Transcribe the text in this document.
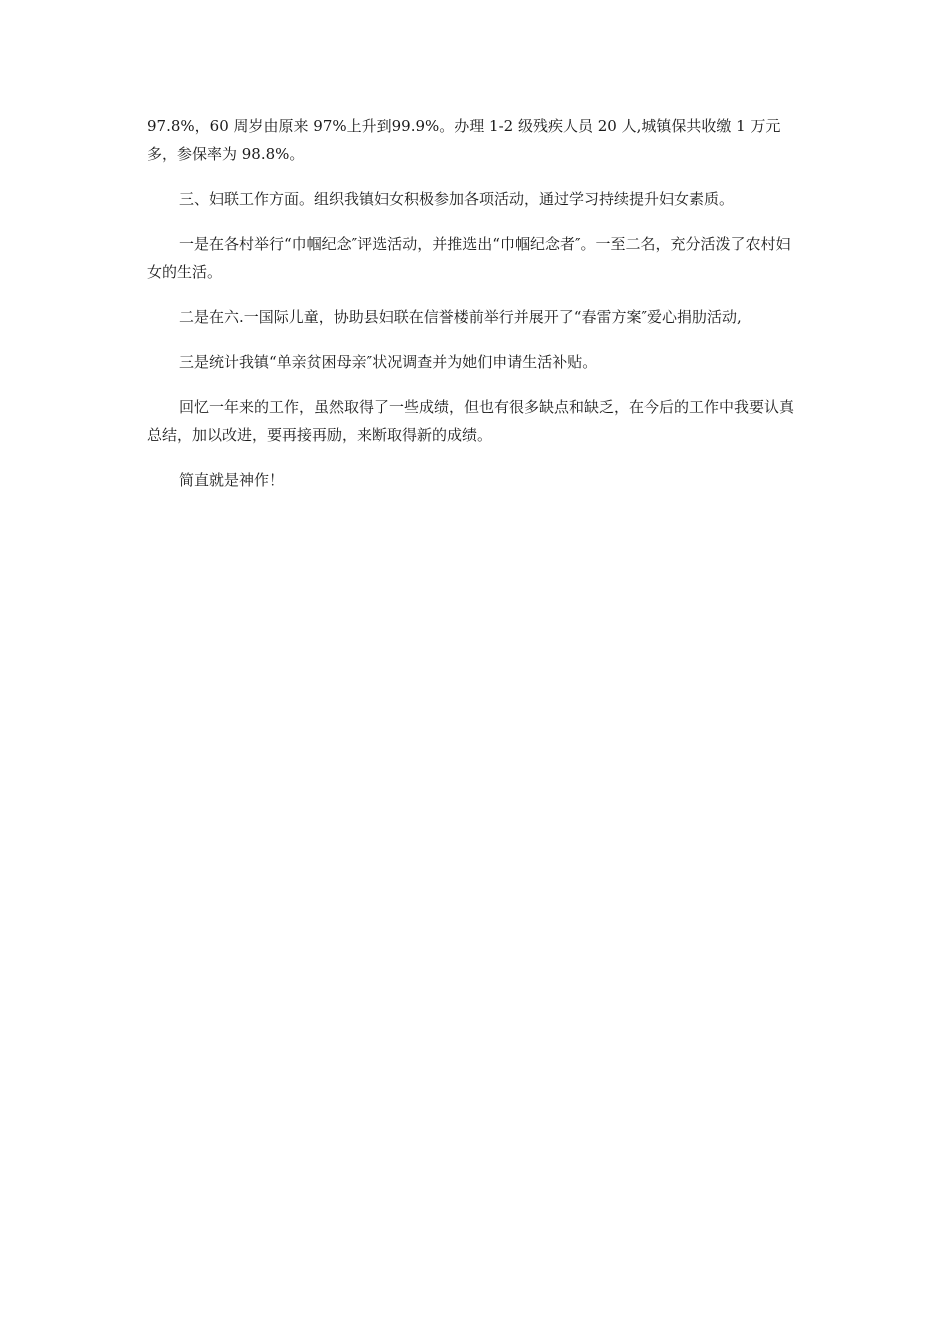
97.8%，60 周岁由原来 97%上升到99.9%。办理 1-2 级残疾人员 20 人,城镇保共收缴 1 万元多，参保率为 98.8%。

三、妇联工作方面。组织我镇妇女积极参加各项活动，通过学习持续提升妇女素质。

一是在各村举行“巾帼纪念″评选活动，并推选出“巾帼纪念者″。一至二名，充分活泼了农村妇女的生活。

二是在六.一国际儿童，协助县妇联在信誉楼前举行并展开了“春雷方案″爱心捐肋活动,

三是统计我镇“单亲贫困母亲″状况调查并为她们申请生活补贴。

回忆一年来的工作，虽然取得了一些成绩，但也有很多缺点和缺乏，在今后的工作中我要认真总结，加以改进，要再接再励，来断取得新的成绩。

简直就是神作！
